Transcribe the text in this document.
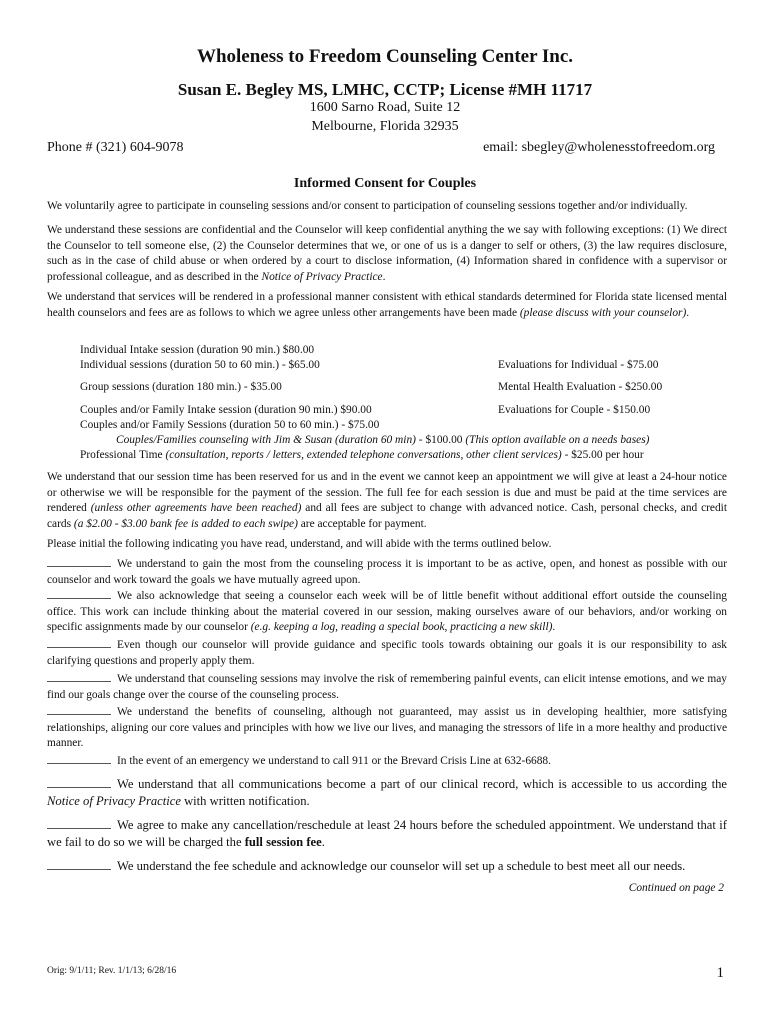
Wholeness to Freedom Counseling Center Inc.
Susan E. Begley MS, LMHC, CCTP; License #MH 11717
1600 Sarno Road, Suite 12
Melbourne, Florida 32935
Phone # (321) 604-9078	email: sbegley@wholenesstofreedom.org
Informed Consent for Couples
We voluntarily agree to participate in counseling sessions and/or consent to participation of counseling sessions together and/or individually.
We understand these sessions are confidential and the Counselor will keep confidential anything the we say with following exceptions: (1) We direct the Counselor to tell someone else, (2) the Counselor determines that we, or one of us is a danger to self or others, (3) the law requires disclosure, such as in the case of child abuse or when ordered by a court to disclose information, (4) Information shared in confidence with a supervisor or professional colleague, and as described in the Notice of Privacy Practice.
We understand that services will be rendered in a professional manner consistent with ethical standards determined for Florida state licensed mental health counselors and fees are as follows to which we agree unless other arrangements have been made (please discuss with your counselor).
Individual Intake session (duration 90 min.) $80.00
Individual sessions (duration 50 to 60 min.) - $65.00	Evaluations for Individual - $75.00
Group sessions (duration 180 min.) - $35.00	Mental Health Evaluation - $250.00
Couples and/or Family Intake session (duration 90 min.) $90.00	Evaluations for Couple - $150.00
Couples and/or Family Sessions (duration 50 to 60 min.) - $75.00
Couples/Families counseling with Jim & Susan (duration 60 min) - $100.00 (This option available on a needs bases)
Professional Time (consultation, reports / letters, extended telephone conversations, other client services) - $25.00 per hour
We understand that our session time has been reserved for us and in the event we cannot keep an appointment we will give at least a 24-hour notice or otherwise we will be responsible for the payment of the session. The full fee for each session is due and must be paid at the time services are rendered (unless other agreements have been reached) and all fees are subject to change with advanced notice. Cash, personal checks, and credit cards (a $2.00 - $3.00 bank fee is added to each swipe) are acceptable for payment.
Please initial the following indicating you have read, understand, and will abide with the terms outlined below.
We understand to gain the most from the counseling process it is important to be as active, open, and honest as possible with our counselor and work toward the goals we have mutually agreed upon.
We also acknowledge that seeing a counselor each week will be of little benefit without additional effort outside the counseling office. This work can include thinking about the material covered in our session, making ourselves aware of our behaviors, and/or working on specific assignments made by our counselor (e.g. keeping a log, reading a special book, practicing a new skill).
Even though our counselor will provide guidance and specific tools towards obtaining our goals it is our responsibility to ask clarifying questions and properly apply them.
We understand that counseling sessions may involve the risk of remembering painful events, can elicit intense emotions, and we may find our goals change over the course of the counseling process.
We understand the benefits of counseling, although not guaranteed, may assist us in developing healthier, more satisfying relationships, aligning our core values and principles with how we live our lives, and managing the stressors of life in a more healthy and productive manner.
In the event of an emergency we understand to call 911 or the Brevard Crisis Line at 632-6688.
We understand that all communications become a part of our clinical record, which is accessible to us according the Notice of Privacy Practice with written notification.
We agree to make any cancellation/reschedule at least 24 hours before the scheduled appointment. We understand that if we fail to do so we will be charged the full session fee.
We understand the fee schedule and acknowledge our counselor will set up a schedule to best meet all our needs.
Continued on page 2
Orig: 9/1/11; Rev. 1/1/13; 6/28/16	1
